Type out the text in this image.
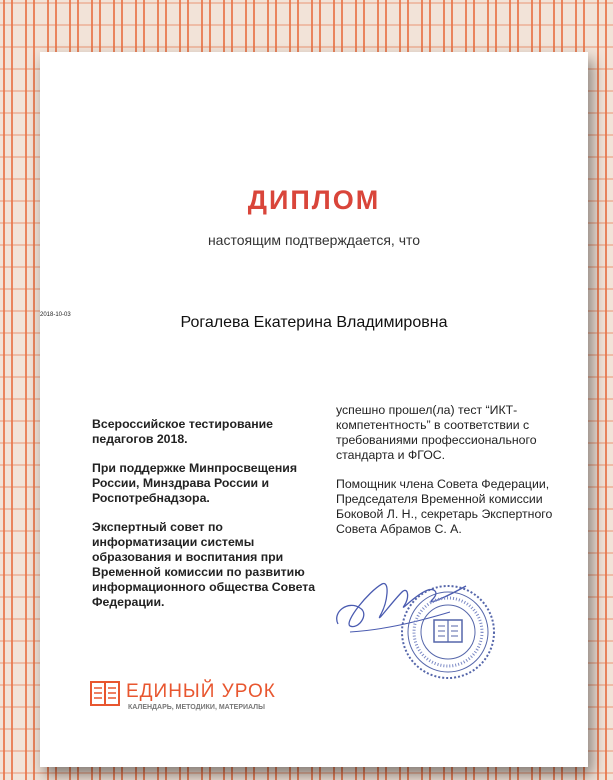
ДИПЛОМ
настоящим подтверждается, что
2018-10-03	Рогалева Екатерина Владимировна

Всероссийское тестирование педагогов 2018.

При поддержке Минпросвещения России, Минздрава России и Роспотребнадзора.

Экспертный совет по информатизации системы образования и воспитания при Временной комиссии по развитию информационного общества Совета Федерации.

успешно прошел(ла) тест “ИКТ-компетентность” в соответствии с требованиями профессионального стандарта и ФГОС.

Помощник члена Совета Федерации, Председателя Временной комиссии Боковой Л. Н., секретарь Экспертного Совета Абрамов С. А.

ЕДИНЫЙ УРОК
КАЛЕНДАРЬ, МЕТОДИКИ, МАТЕРИАЛЫ
